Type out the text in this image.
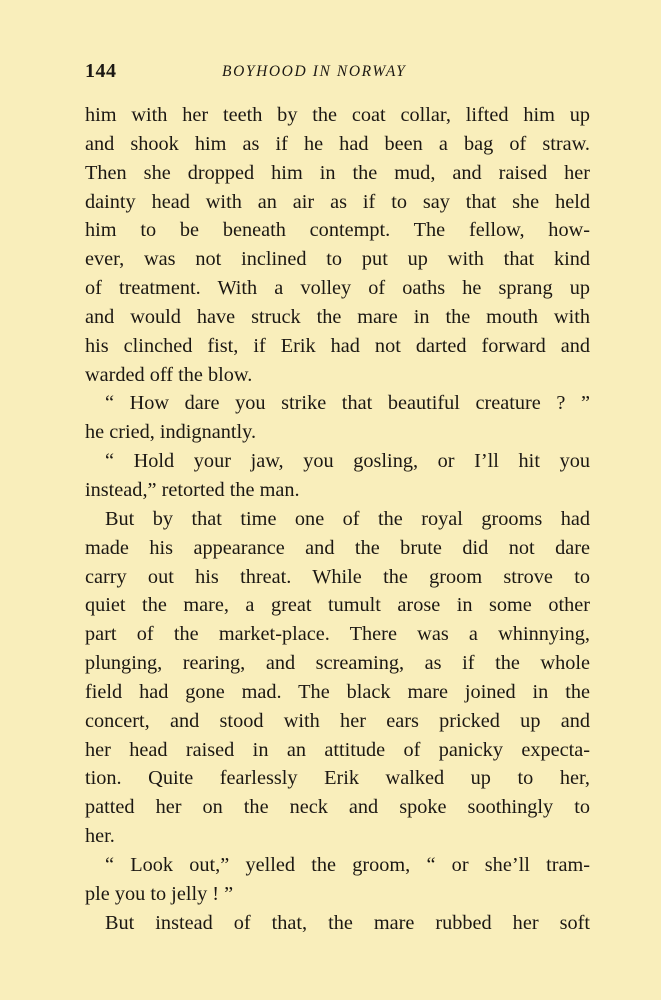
144	BOYHOOD IN NORWAY
him with her teeth by the coat collar, lifted him up
and shook him as if he had been a bag of straw.
Then she dropped him in the mud, and raised her
dainty head with an air as if to say that she held
him to be beneath contempt. The fellow, how-
ever, was not inclined to put up with that kind
of treatment. With a volley of oaths he sprang up
and would have struck the mare in the mouth with
his clinched fist, if Erik had not darted forward and
warded off the blow.
“ How dare you strike that beautiful creature ? ”
he cried, indignantly.
“ Hold your jaw, you gosling, or I’ll hit you
instead,” retorted the man.
But by that time one of the royal grooms had
made his appearance and the brute did not dare
carry out his threat. While the groom strove to
quiet the mare, a great tumult arose in some other
part of the market-place. There was a whinnying,
plunging, rearing, and screaming, as if the whole
field had gone mad. The black mare joined in the
concert, and stood with her ears pricked up and
her head raised in an attitude of panicky expecta-
tion. Quite fearlessly Erik walked up to her,
patted her on the neck and spoke soothingly to
her.
“ Look out,” yelled the groom, “ or she’ll tram-
ple you to jelly ! ”
But instead of that, the mare rubbed her soft
